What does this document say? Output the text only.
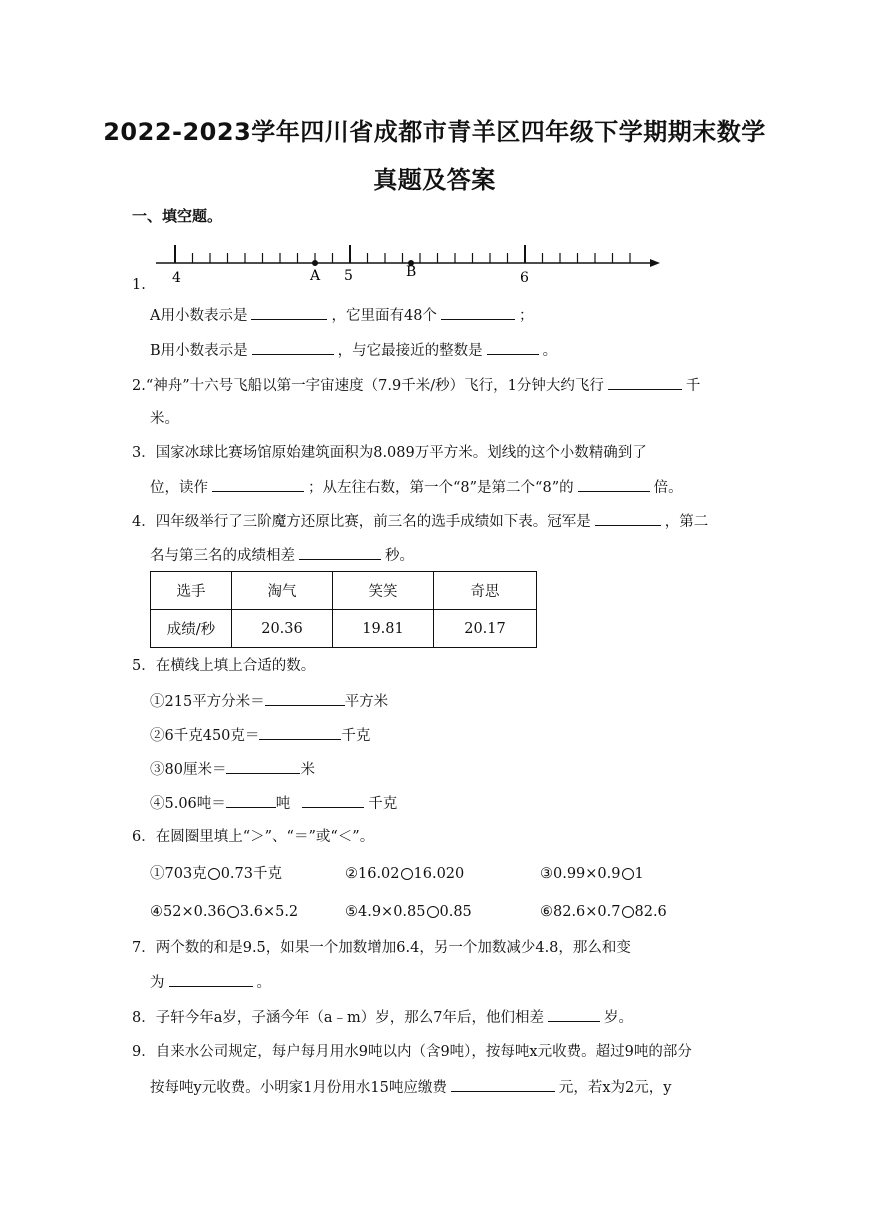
2022-2023学年四川省成都市青羊区四年级下学期期末数学
真题及答案
一、填空题。
4	A 5	B	6
1.
A用小数表示是	，它里面有48个	；
B用小数表示是	，与它最接近的整数是	。
2.“神舟”十六号飞船以第一宇宙速度（7.9千米/秒）飞行，1分钟大约飞行	千
米。
3．国家冰球比赛场馆原始建筑面积为8.089万平方米。划线的这个小数精确到了
位，读作	；从左往右数，第一个“8”是第二个“8”的	倍。
4．四年级举行了三阶魔方还原比赛，前三名的选手成绩如下表。冠军是	，第二
名与第三名的成绩相差	秒。
选手	淘气	笑笑	奇思
成绩/秒	20.36	19.81	20.17
5．在横线上填上合适的数。
①215平方分米＝	平方米
②6千克450克＝	千克
③80厘米＝	米
④5.06吨＝	吨	千克
6．在圆圈里填上“＞”、“＝”或“＜”。
①703克 0.73千克	②16.02 16.020	③0.99×0.9 1
④52×0.36 3.6×5.2	⑤4.9×0.85 0.85	⑥82.6×0.7 82.6
7．两个数的和是9.5，如果一个加数增加6.4，另一个加数减少4.8，那么和变
为	。
8．子轩今年a岁，子涵今年（a﹣m）岁，那么7年后，他们相差	岁。
9．自来水公司规定，每户每月用水9吨以内（含9吨），按每吨x元收费。超过9吨的部分
按每吨y元收费。小明家1月份用水15吨应缴费	元，若x为2元，y
